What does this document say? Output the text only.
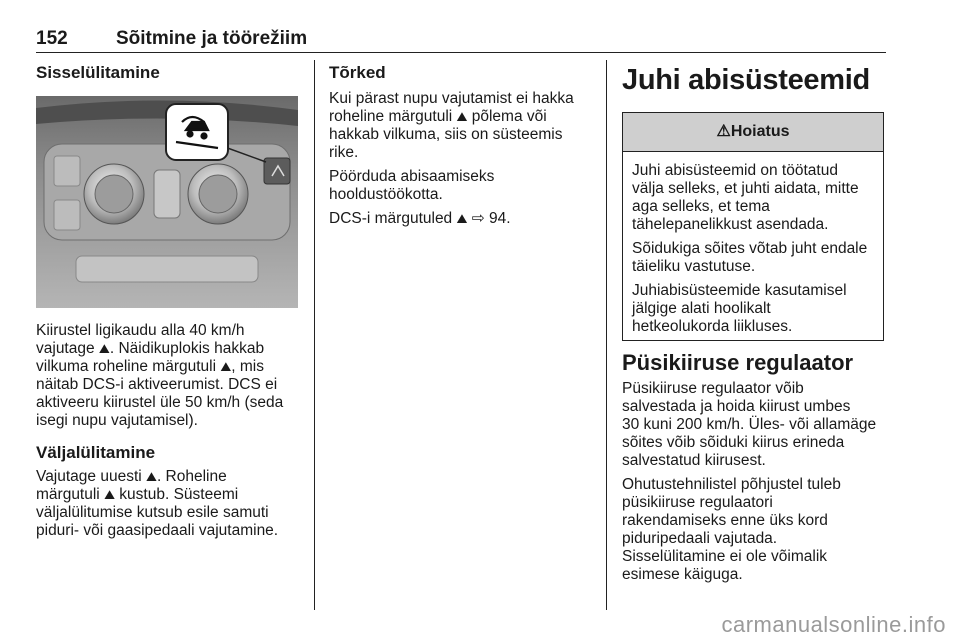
152	Sõitmine ja töörežiim
Sisselülitamine

Kiirustel ligikaudu alla 40 km/h
vajutage ⛰. Näidikuplokis hakkab
vilkuma roheline märgutuli ⛰, mis
näitab DCS-i aktiveerumist. DCS ei
aktiveeru kiirustel üle 50 km/h (seda
isegi nupu vajutamisel).

Väljalülitamine

Vajutage uuesti ⛰. Roheline
märgutuli ⛰ kustub. Süsteemi
väljalülitumise kutsub esile samuti
piduri- või gaasipedaali vajutamine.

Tõrked

Kui pärast nupu vajutamist ei hakka
roheline märgutuli ⛰ põlema või
hakkab vilkuma, siis on süsteemis
rike.

Pöörduda abisaamiseks
hooldustöökotta.

DCS-i märgutuled ⛰ ⇨ 94.

Juhi abisüsteemid
⚠Hoiatus

Juhi abisüsteemid on töötatud
välja selleks, et juhti aidata, mitte
aga selleks, et tema
tähelepanelikkust asendada.

Sõidukiga sõites võtab juht endale
täieliku vastutuse.

Juhiabisüsteemide kasutamisel
jälgige alati hoolikalt
hetkeolukorda liikluses.

Püsikiiruse regulaator

Püsikiiruse regulaator võib
salvestada ja hoida kiirust umbes
30 kuni 200 km/h. Üles- või allamäge
sõites võib sõiduki kiirus erineda
salvestatud kiirusest.

Ohutustehnilistel põhjustel tuleb
püsikiiruse regulaatori
rakendamiseks enne üks kord
piduripedaali vajutada.
Sisselülitamine ei ole võimalik
esimese käiguga.

carmanualsonline.info
